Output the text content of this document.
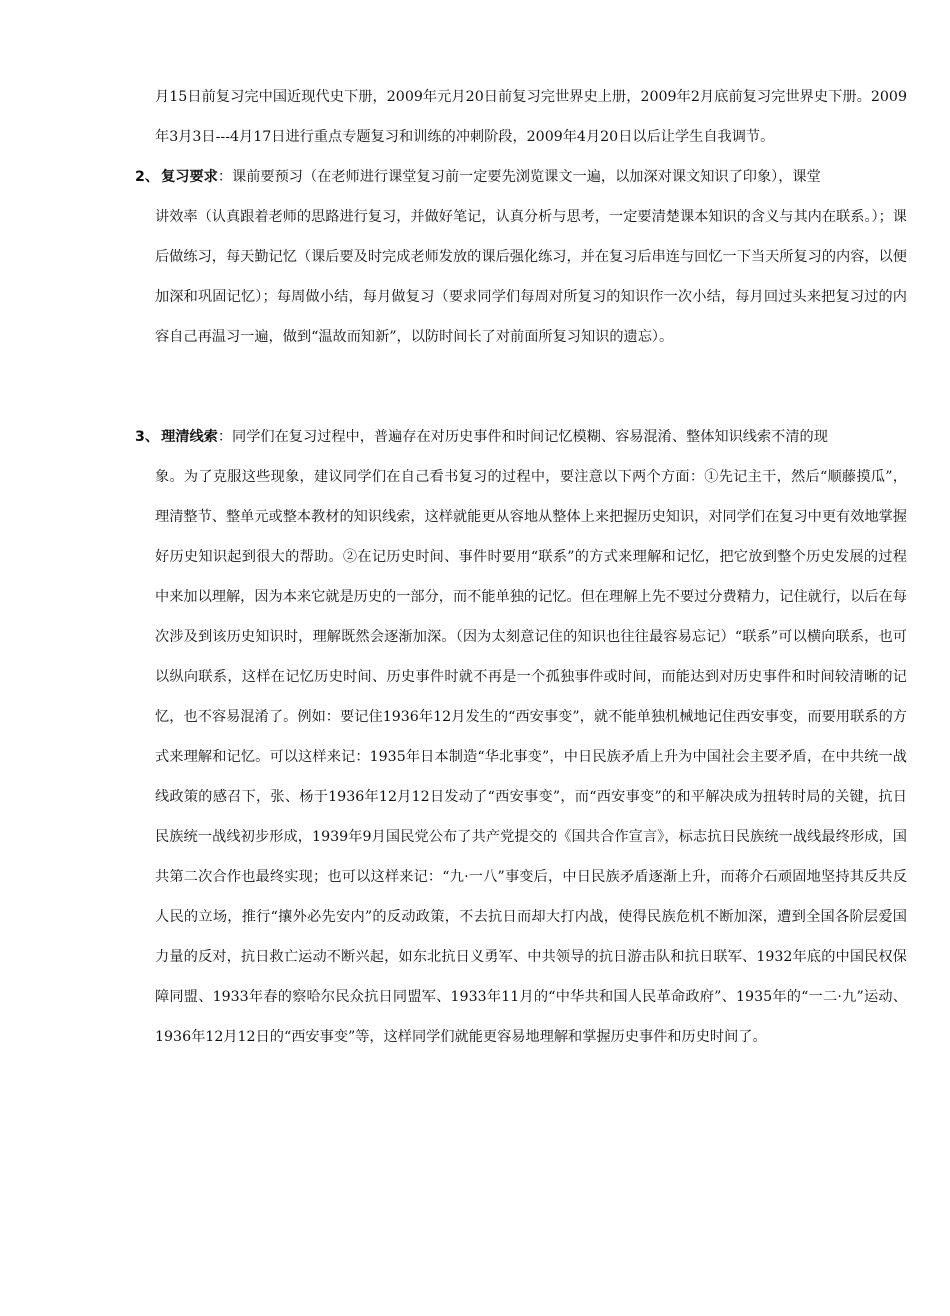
月15日前复习完中国近现代史下册，2009年元月20日前复习完世界史上册，2009年2月底前复习完世界史下册。2009年3月3日---4月17日进行重点专题复习和训练的冲刺阶段，2009年4月20日以后让学生自我调节。

2、 复习要求：课前要预习（在老师进行课堂复习前一定要先浏览课文一遍，以加深对课文知识了印象），课堂
讲效率（认真跟着老师的思路进行复习，并做好笔记，认真分析与思考，一定要清楚课本知识的含义与其内在联系。）；课后做练习，每天勤记忆（课后要及时完成老师发放的课后强化练习，并在复习后串连与回忆一下当天所复习的内容，以便加深和巩固记忆）；每周做小结，每月做复习（要求同学们每周对所复习的知识作一次小结，每月回过头来把复习过的内容自己再温习一遍，做到“温故而知新”，以防时间长了对前面所复习知识的遗忘）。
3、 理清线索：同学们在复习过程中，普遍存在对历史事件和时间记忆模糊、容易混淆、整体知识线索不清的现
象。为了克服这些现象，建议同学们在自己看书复习的过程中，要注意以下两个方面：①先记主干，然后“顺藤摸瓜”，理清整节、整单元或整本教材的知识线索，这样就能更从容地从整体上来把握历史知识，对同学们在复习中更有效地掌握好历史知识起到很大的帮助。②在记历史时间、事件时要用“联系”的方式来理解和记忆，把它放到整个历史发展的过程中来加以理解，因为本来它就是历史的一部分，而不能单独的记忆。但在理解上先不要过分费精力，记住就行，以后在每次涉及到该历史知识时，理解既然会逐渐加深。（因为太刻意记住的知识也往往最容易忘记）“联系”可以横向联系，也可以纵向联系，这样在记忆历史时间、历史事件时就不再是一个孤独事件或时间，而能达到对历史事件和时间较清晰的记忆，也不容易混淆了。例如：要记住1936年12月发生的“西安事变”，就不能单独机械地记住西安事变，而要用联系的方式来理解和记忆。可以这样来记：1935年日本制造“华北事变”，中日民族矛盾上升为中国社会主要矛盾，在中共统一战线政策的感召下，张、杨于1936年12月12日发动了“西安事变”，而“西安事变”的和平解决成为扭转时局的关键，抗日民族统一战线初步形成，1939年9月国民党公布了共产党提交的《国共合作宣言》，标志抗日民族统一战线最终形成，国共第二次合作也最终实现；也可以这样来记：“九·一八”事变后，中日民族矛盾逐渐上升，而蒋介石顽固地坚持其反共反人民的立场，推行“攘外必先安内”的反动政策，不去抗日而却大打内战，使得民族危机不断加深，遭到全国各阶层爱国力量的反对，抗日救亡运动不断兴起，如东北抗日义勇军、中共领导的抗日游击队和抗日联军、1932年底的中国民权保障同盟、1933年春的察哈尔民众抗日同盟军、1933年11月的“中华共和国人民革命政府”、1935年的“一二·九”运动、1936年12月12日的“西安事变”等，这样同学们就能更容易地理解和掌握历史事件和历史时间了。
